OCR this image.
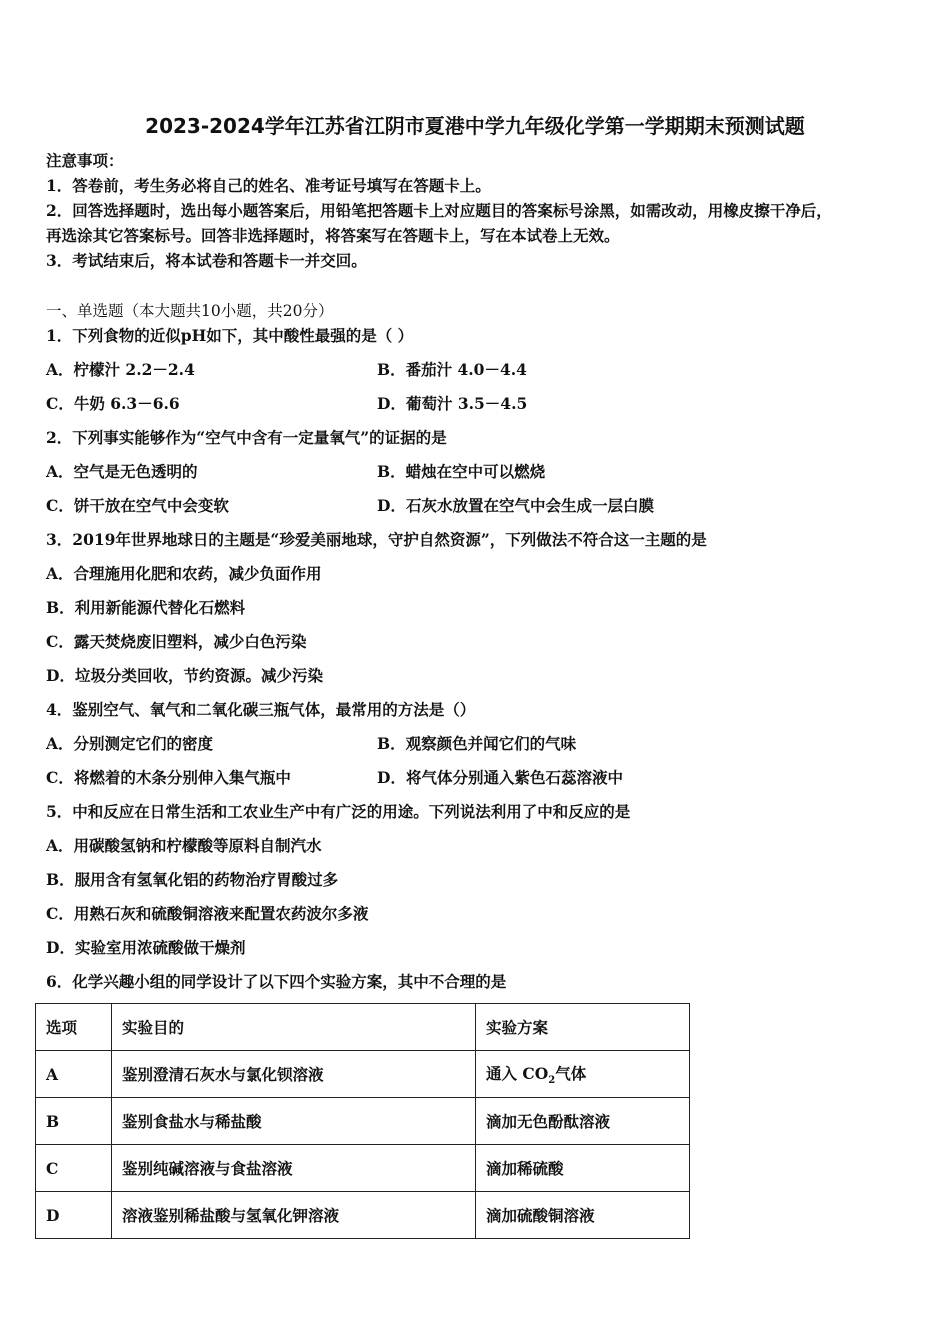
2023-2024学年江苏省江阴市夏港中学九年级化学第一学期期末预测试题
注意事项：
1．答卷前，考生务必将自己的姓名、准考证号填写在答题卡上。
2．回答选择题时，选出每小题答案后，用铅笔把答题卡上对应题目的答案标号涂黑，如需改动，用橡皮擦干净后，
再选涂其它答案标号。回答非选择题时，将答案写在答题卡上，写在本试卷上无效。
3．考试结束后，将本试卷和答题卡一并交回。
一、单选题（本大题共10小题，共20分）
1．下列食物的近似pH如下，其中酸性最强的是（ ）
A．柠檬汁 2.2－2.4	B．番茄汁 4.0－4.4
C．牛奶 6.3－6.6	D．葡萄汁 3.5－4.5
2．下列事实能够作为“空气中含有一定量氧气”的证据的是
A．空气是无色透明的	B．蜡烛在空中可以燃烧
C．饼干放在空气中会变软	D．石灰水放置在空气中会生成一层白膜
3．2019年世界地球日的主题是“珍爱美丽地球，守护自然资源”，下列做法不符合这一主题的是
A．合理施用化肥和农药，减少负面作用
B．利用新能源代替化石燃料
C．露天焚烧废旧塑料，减少白色污染
D．垃圾分类回收，节约资源。减少污染
4．鉴别空气、氧气和二氧化碳三瓶气体，最常用的方法是（）
A．分别测定它们的密度	B．观察颜色并闻它们的气味
C．将燃着的木条分别伸入集气瓶中	D．将气体分别通入紫色石蕊溶液中
5．中和反应在日常生活和工农业生产中有广泛的用途。下列说法利用了中和反应的是
A．用碳酸氢钠和柠檬酸等原料自制汽水
B．服用含有氢氧化铝的药物治疗胃酸过多
C．用熟石灰和硫酸铜溶液来配置农药波尔多液
D．实验室用浓硫酸做干燥剂
6．化学兴趣小组的同学设计了以下四个实验方案，其中不合理的是
选项	实验目的	实验方案
A	鉴别澄清石灰水与氯化钡溶液	通入 $CO_2$气体
B	鉴别食盐水与稀盐酸	滴加无色酚酞溶液
C	鉴别纯碱溶液与食盐溶液	滴加稀硫酸
D	溶液鉴别稀盐酸与氢氧化钾溶液	滴加硫酸铜溶液
